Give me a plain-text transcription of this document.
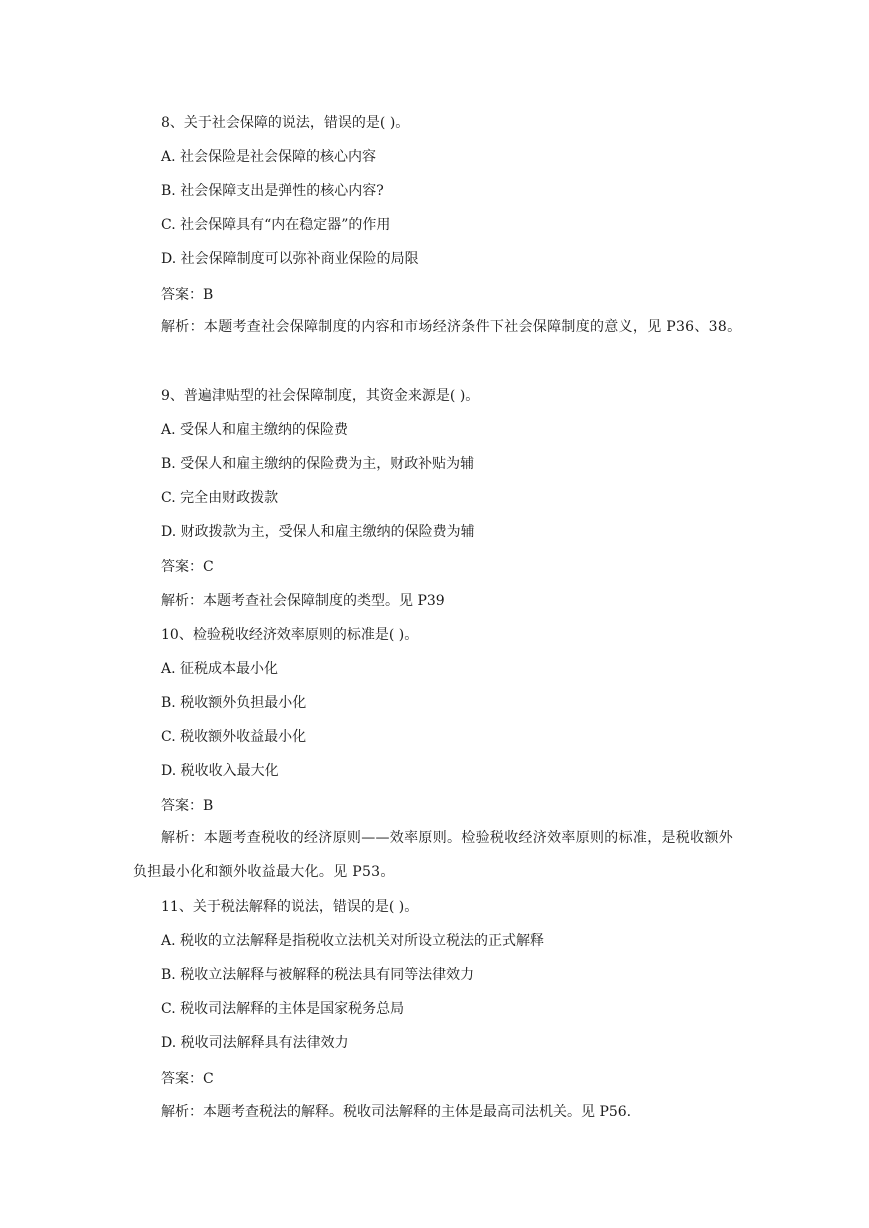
8、关于社会保障的说法，错误的是( )。
A. 社会保险是社会保障的核心内容
B. 社会保障支出是弹性的核心内容?
C. 社会保障具有“内在稳定器”的作用
D. 社会保障制度可以弥补商业保险的局限
答案：B
解析：本题考查社会保障制度的内容和市场经济条件下社会保障制度的意义，见 P36、38。
9、普遍津贴型的社会保障制度，其资金来源是( )。
A. 受保人和雇主缴纳的保险费
B. 受保人和雇主缴纳的保险费为主，财政补贴为辅
C. 完全由财政拨款
D. 财政拨款为主，受保人和雇主缴纳的保险费为辅
答案：C
解析：本题考查社会保障制度的类型。见 P39
10、检验税收经济效率原则的标准是( )。
A. 征税成本最小化
B. 税收额外负担最小化
C. 税收额外收益最小化
D. 税收收入最大化
答案：B
解析：本题考查税收的经济原则——效率原则。检验税收经济效率原则的标准，是税收额外负担最小化和额外收益最大化。见 P53。
11、关于税法解释的说法，错误的是( )。
A. 税收的立法解释是指税收立法机关对所设立税法的正式解释
B. 税收立法解释与被解释的税法具有同等法律效力
C. 税收司法解释的主体是国家税务总局
D. 税收司法解释具有法律效力
答案：C
解析：本题考查税法的解释。税收司法解释的主体是最高司法机关。见 P56.
